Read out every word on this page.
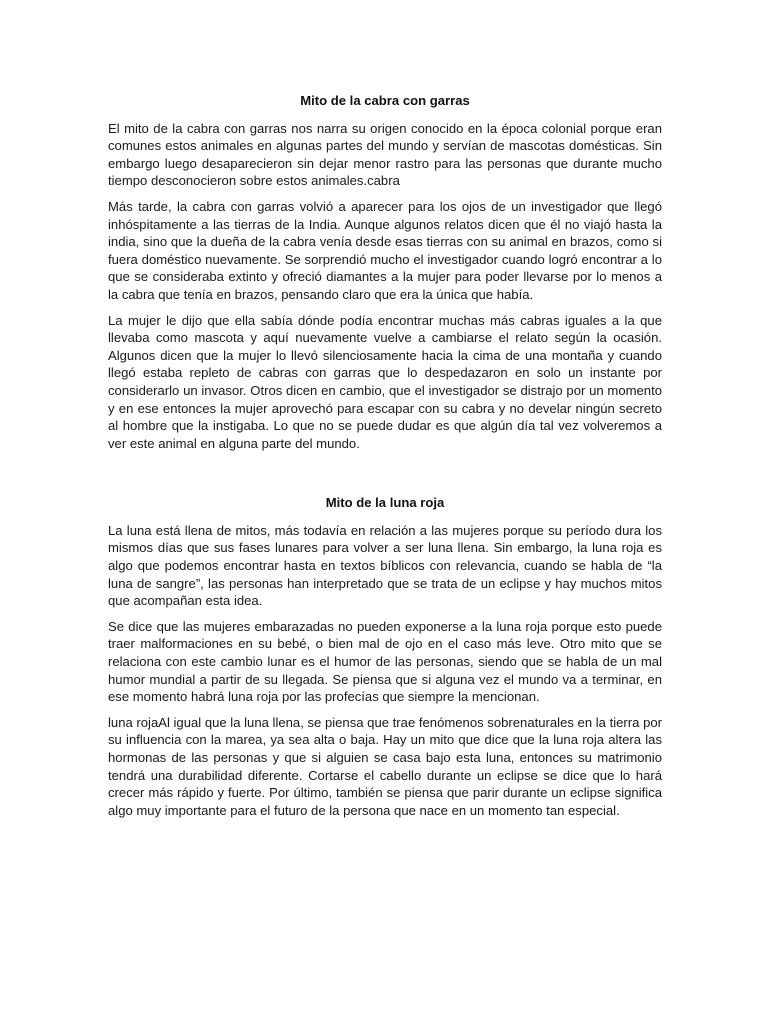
Mito de la cabra con garras

El mito de la cabra con garras nos narra su origen conocido en la época colonial porque eran comunes estos animales en algunas partes del mundo y servían de mascotas domésticas. Sin embargo luego desaparecieron sin dejar menor rastro para las personas que durante mucho tiempo desconocieron sobre estos animales.cabra

Más tarde, la cabra con garras volvió a aparecer para los ojos de un investigador que llegó inhóspitamente a las tierras de la India. Aunque algunos relatos dicen que él no viajó hasta la india, sino que la dueña de la cabra venía desde esas tierras con su animal en brazos, como si fuera doméstico nuevamente. Se sorprendió mucho el investigador cuando logró encontrar a lo que se consideraba extinto y ofreció diamantes a la mujer para poder llevarse por lo menos a la cabra que tenía en brazos, pensando claro que era la única que había.

La mujer le dijo que ella sabía dónde podía encontrar muchas más cabras iguales a la que llevaba como mascota y aquí nuevamente vuelve a cambiarse el relato según la ocasión. Algunos dicen que la mujer lo llevó silenciosamente hacia la cima de una montaña y cuando llegó estaba repleto de cabras con garras que lo despedazaron en solo un instante por considerarlo un invasor. Otros dicen en cambio, que el investigador se distrajo por un momento y en ese entonces la mujer aprovechó para escapar con su cabra y no develar ningún secreto al hombre que la instigaba. Lo que no se puede dudar es que algún día tal vez volveremos a ver este animal en alguna parte del mundo.

Mito de la luna roja

La luna está llena de mitos, más todavía en relación a las mujeres porque su período dura los mismos días que sus fases lunares para volver a ser luna llena. Sin embargo, la luna roja es algo que podemos encontrar hasta en textos bíblicos con relevancia, cuando se habla de “la luna de sangre”, las personas han interpretado que se trata de un eclipse y hay muchos mitos que acompañan esta idea.

Se dice que las mujeres embarazadas no pueden exponerse a la luna roja porque esto puede traer malformaciones en su bebé, o bien mal de ojo en el caso más leve. Otro mito que se relaciona con este cambio lunar es el humor de las personas, siendo que se habla de un mal humor mundial a partir de su llegada. Se piensa que si alguna vez el mundo va a terminar, en ese momento habrá luna roja por las profecías que siempre la mencionan.

luna rojaAl igual que la luna llena, se piensa que trae fenómenos sobrenaturales en la tierra por su influencia con la marea, ya sea alta o baja. Hay un mito que dice que la luna roja altera las hormonas de las personas y que si alguien se casa bajo esta luna, entonces su matrimonio tendrá una durabilidad diferente. Cortarse el cabello durante un eclipse se dice que lo hará crecer más rápido y fuerte. Por último, también se piensa que parir durante un eclipse significa algo muy importante para el futuro de la persona que nace en un momento tan especial.
